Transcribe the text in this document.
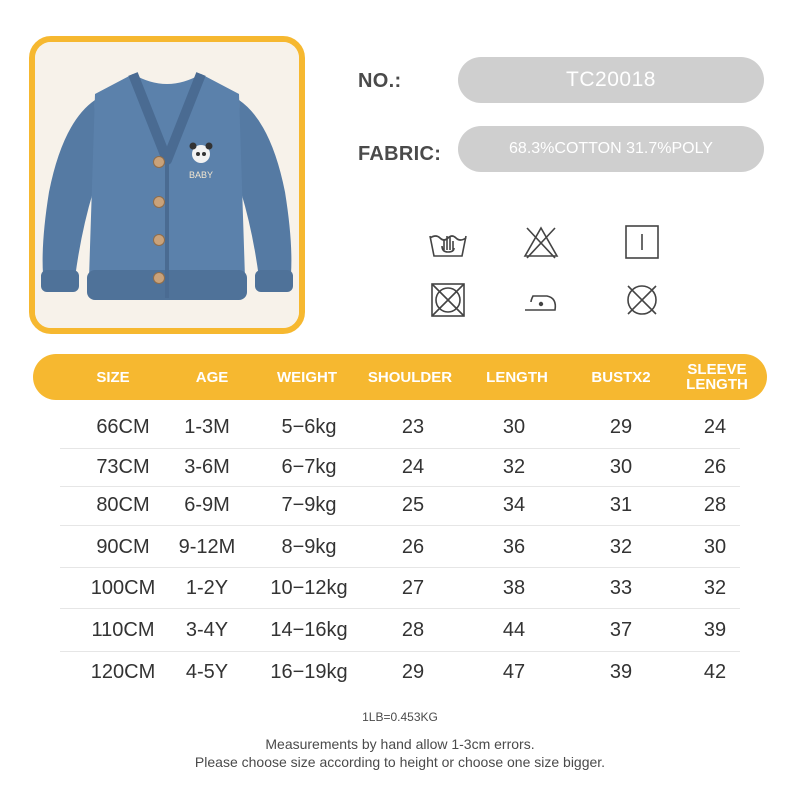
BABY
NO.:	TC20018
FABRIC:	68.3%COTTON 31.7%POLY
SIZE	AGE	WEIGHT	SHOULDER	LENGTH	BUSTX2	SLEEVE
LENGTH
66CM	1-3M	5−6kg	23	30	29	24
73CM	3-6M	6−7kg	24	32	30	26
80CM	6-9M	7−9kg	25	34	31	28
90CM	9-12M	8−9kg	26	36	32	30
100CM	1-2Y	10−12kg	27	38	33	32
110CM	3-4Y	14−16kg	28	44	37	39
120CM	4-5Y	16−19kg	29	47	39	42
1LB=0.453KG
Measurements by hand allow 1-3cm errors.
Please choose size according to height or choose one size bigger.
